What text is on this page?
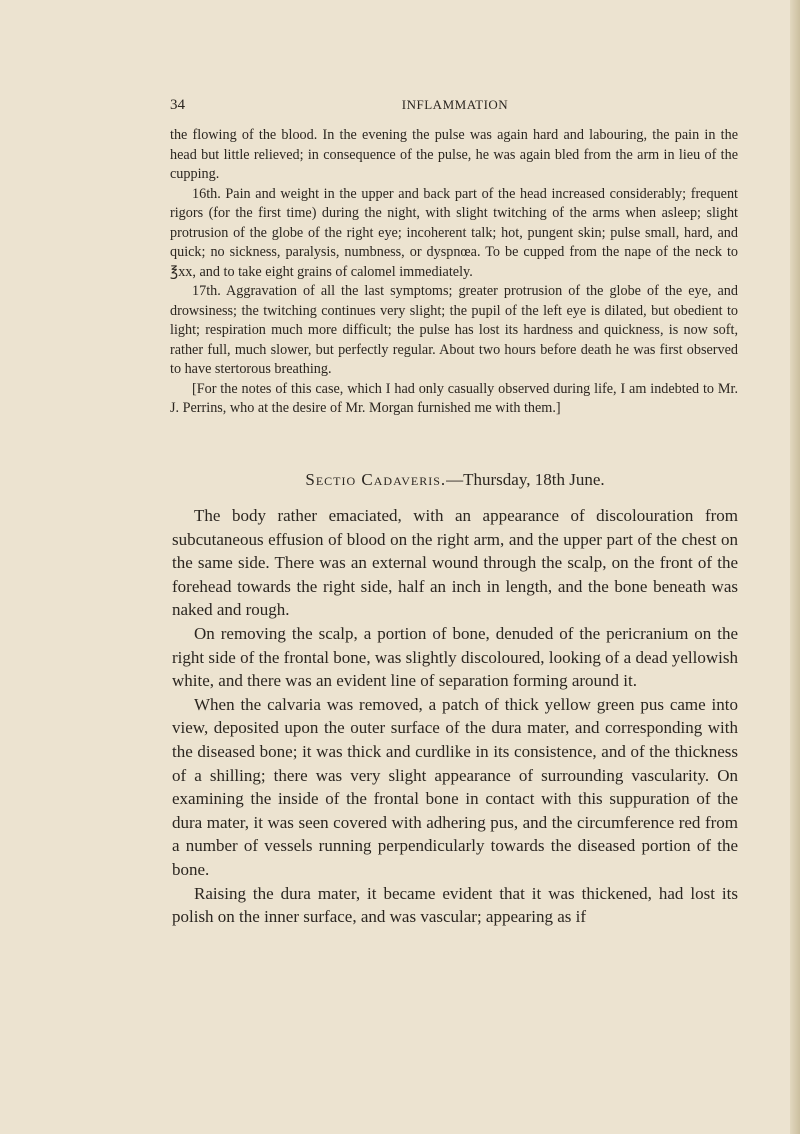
34	INFLAMMATION

the flowing of the blood. In the evening the pulse was again hard and labouring, the pain in the head but little relieved; in consequence of the pulse, he was again bled from the arm in lieu of the cupping.

16th. Pain and weight in the upper and back part of the head increased considerably; frequent rigors (for the first time) during the night, with slight twitching of the arms when asleep; slight protrusion of the globe of the right eye; incoherent talk; hot, pungent skin; pulse small, hard, and quick; no sickness, paralysis, numbness, or dyspnœa. To be cupped from the nape of the neck to ℥xx, and to take eight grains of calomel immediately.

17th. Aggravation of all the last symptoms; greater protrusion of the globe of the eye, and drowsiness; the twitching continues very slight; the pupil of the left eye is dilated, but obedient to light; respiration much more difficult; the pulse has lost its hardness and quickness, is now soft, rather full, much slower, but perfectly regular. About two hours before death he was first observed to have stertorous breathing.

[For the notes of this case, which I had only casually observed during life, I am indebted to Mr. J. Perrins, who at the desire of Mr. Morgan furnished me with them.]

Sectio Cadaveris.—Thursday, 18th June.

The body rather emaciated, with an appearance of discolouration from subcutaneous effusion of blood on the right arm, and the upper part of the chest on the same side. There was an external wound through the scalp, on the front of the forehead towards the right side, half an inch in length, and the bone beneath was naked and rough.

On removing the scalp, a portion of bone, denuded of the pericranium on the right side of the frontal bone, was slightly discoloured, looking of a dead yellowish white, and there was an evident line of separation forming around it.

When the calvaria was removed, a patch of thick yellow green pus came into view, deposited upon the outer surface of the dura mater, and corresponding with the diseased bone; it was thick and curdlike in its consistence, and of the thickness of a shilling; there was very slight appearance of surrounding vascularity. On examining the inside of the frontal bone in contact with this suppuration of the dura mater, it was seen covered with adhering pus, and the circumference red from a number of vessels running perpendicularly towards the diseased portion of the bone.

Raising the dura mater, it became evident that it was thickened, had lost its polish on the inner surface, and was vascular; appearing as if
